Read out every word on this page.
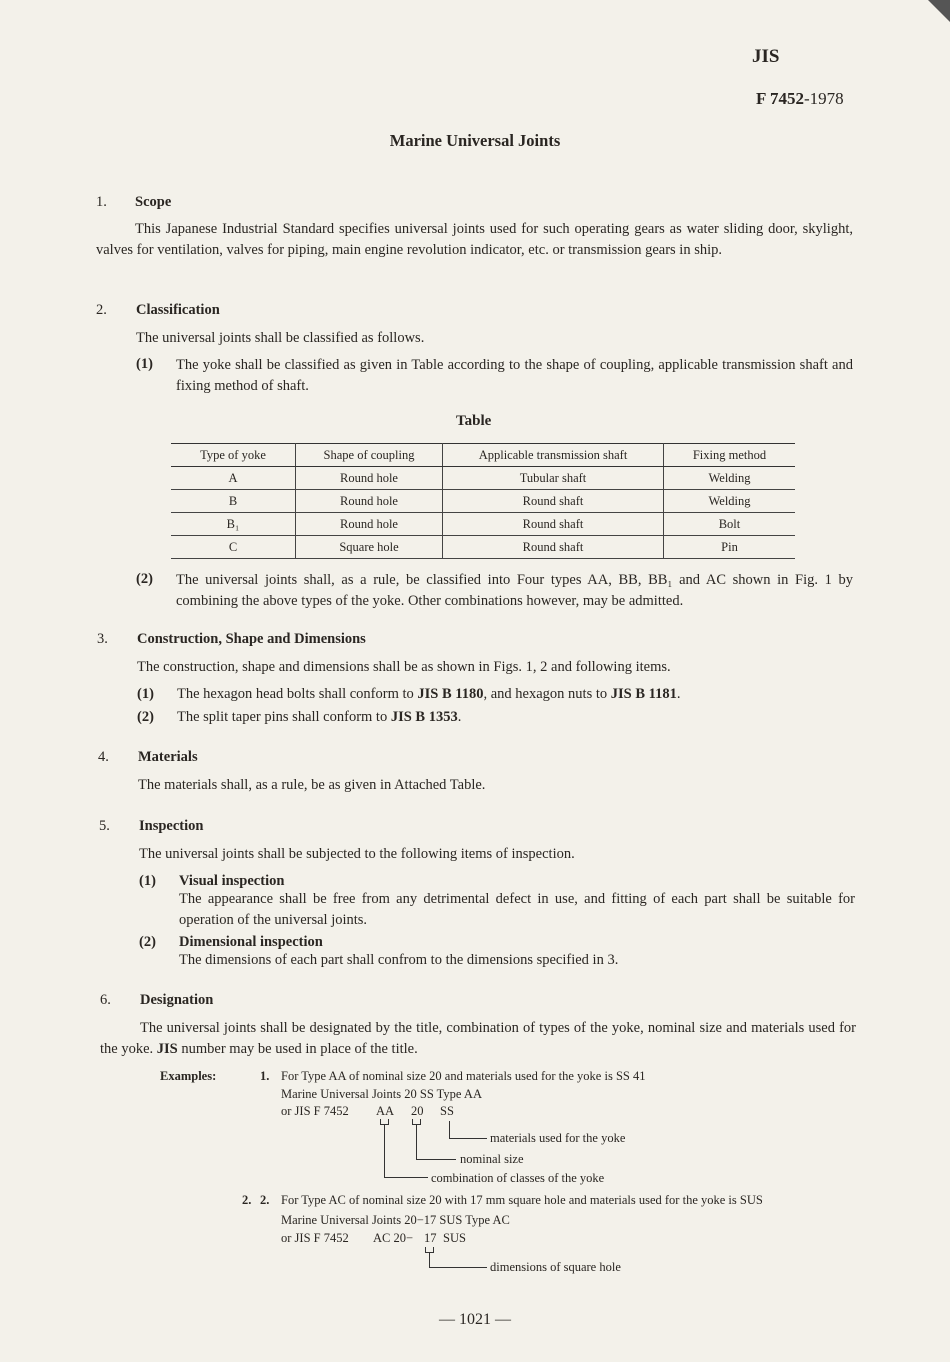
JIS
F 7452-1978
Marine Universal Joints
1. Scope
This Japanese Industrial Standard specifies universal joints used for such operating gears as water sliding door, skylight, valves for ventilation, valves for piping, main engine revolution indicator, etc. or transmission gears in ship.
2. Classification
The universal joints shall be classified as follows.
(1) The yoke shall be classified as given in Table according to the shape of coupling, applicable transmission shaft and fixing method of shaft.
Table
Type of yoke	Shape of coupling	Applicable transmission shaft	Fixing method
A	Round hole	Tubular shaft	Welding
B	Round hole	Round shaft	Welding
B₁	Round hole	Round shaft	Bolt
C	Square hole	Round shaft	Pin
(2) The universal joints shall, as a rule, be classified into Four types AA, BB, BB₁ and AC shown in Fig. 1 by combining the above types of the yoke. Other combinations however, may be admitted.
3. Construction, Shape and Dimensions
The construction, shape and dimensions shall be as shown in Figs. 1, 2 and following items.
(1) The hexagon head bolts shall conform to JIS B 1180, and hexagon nuts to JIS B 1181.
(2) The split taper pins shall conform to JIS B 1353.
4. Materials
The materials shall, as a rule, be as given in Attached Table.
5. Inspection
The universal joints shall be subjected to the following items of inspection.
(1) Visual inspection
The appearance shall be free from any detrimental defect in use, and fitting of each part shall be suitable for operation of the universal joints.
(2) Dimensional inspection
The dimensions of each part shall confrom to the dimensions specified in 3.
6. Designation
The universal joints shall be designated by the title, combination of types of the yoke, nominal size and materials used for the yoke. JIS number may be used in place of the title.
Examples:	1. For Type AA of nominal size 20 and materials used for the yoke is SS 41
Marine Universal Joints 20 SS Type AA
or JIS F 7452 AA 20 SS
materials used for the yoke
nominal size
combination of classes of the yoke
2. 2. For Type AC of nominal size 20 with 17 mm square hole and materials used for the yoke is SUS
Marine Universal Joints 20−17 SUS Type AC
or JIS F 7452 AC 20− 17 SUS
dimensions of square hole
— 1021 —
